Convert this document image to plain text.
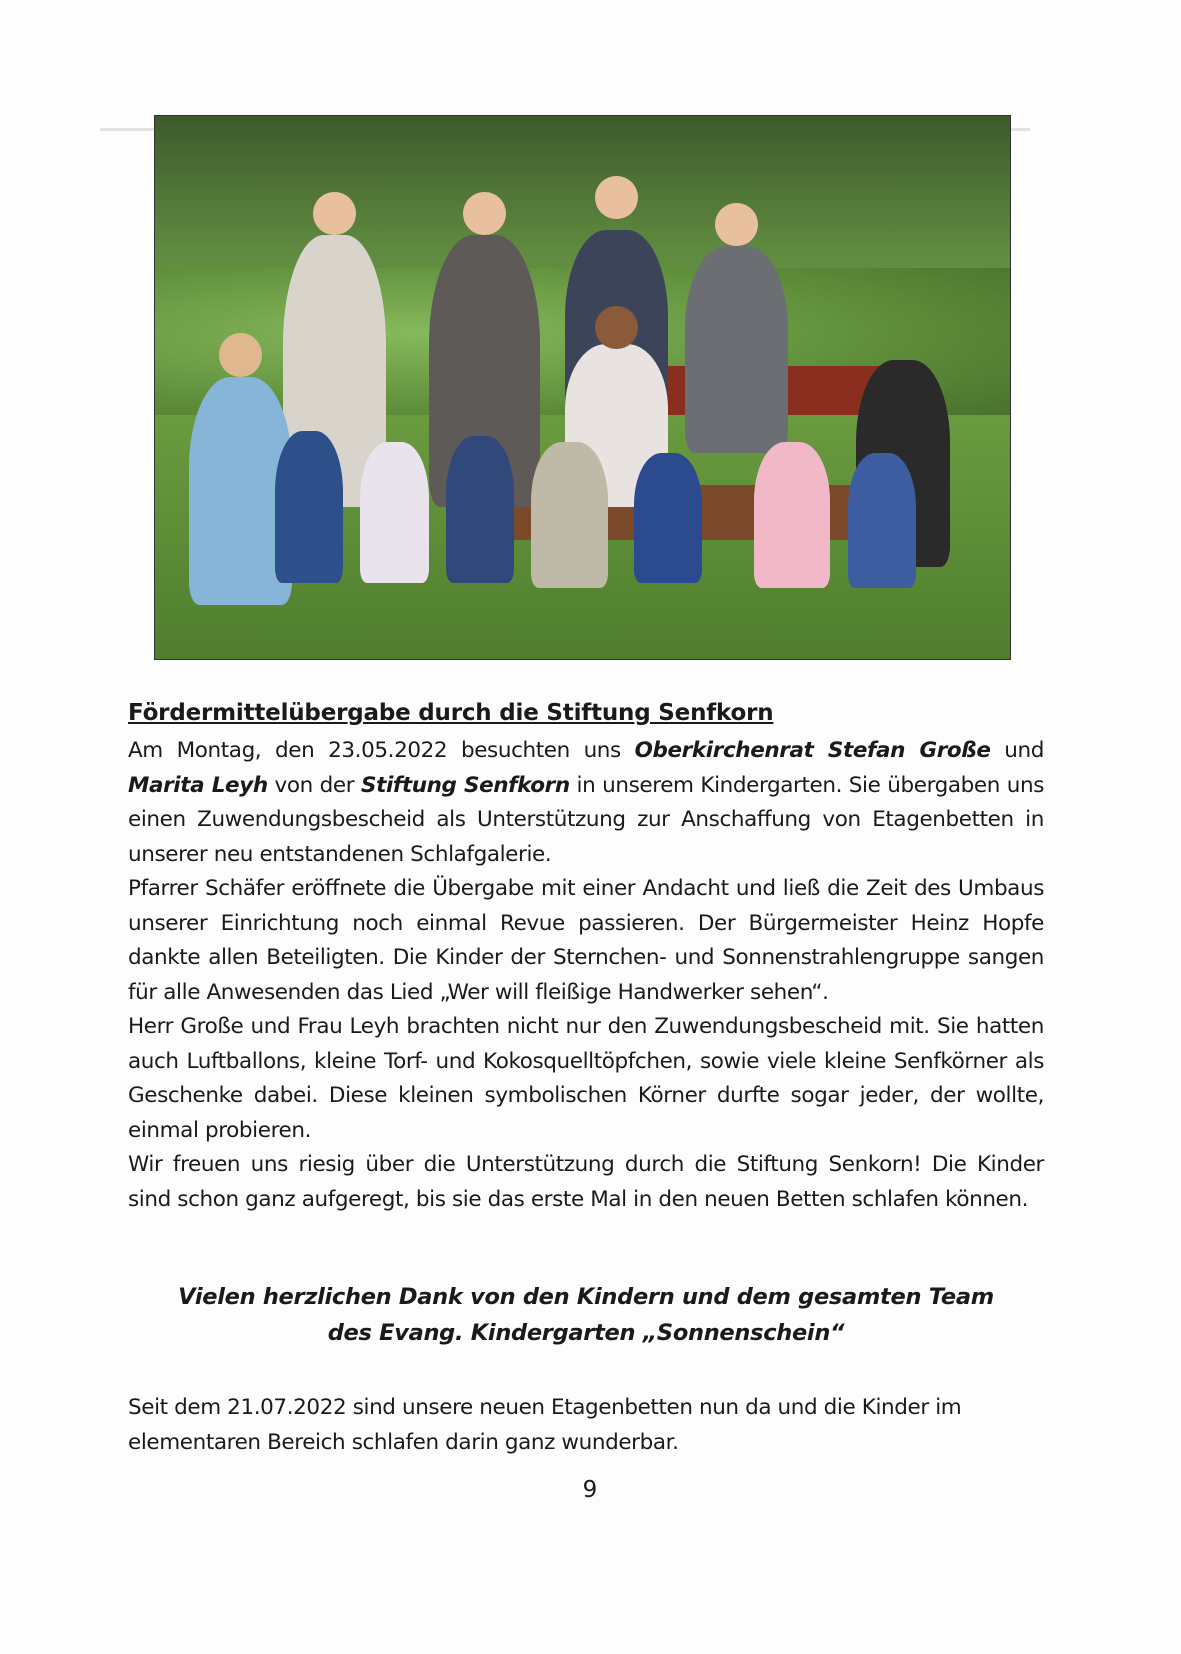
Fördermittelübergabe durch die Stiftung Senfkorn

Am Montag, den 23.05.2022 besuchten uns Oberkirchenrat Stefan Große und Marita Leyh von der Stiftung Senfkorn in unserem Kindergarten. Sie übergaben uns einen Zuwendungsbescheid als Unterstützung zur Anschaffung von Etagenbetten in unserer neu entstandenen Schlafgalerie.

Pfarrer Schäfer eröffnete die Übergabe mit einer Andacht und ließ die Zeit des Umbaus unserer Einrichtung noch einmal Revue passieren. Der Bürgermeister Heinz Hopfe dankte allen Beteiligten. Die Kinder der Sternchen- und Sonnenstrahlengruppe sangen für alle Anwesenden das Lied „Wer will fleißige Handwerker sehen“.

Herr Große und Frau Leyh brachten nicht nur den Zuwendungsbescheid mit. Sie hatten auch Luftballons, kleine Torf- und Kokosquelltöpfchen, sowie viele kleine Senfkörner als Geschenke dabei. Diese kleinen symbolischen Körner durfte sogar jeder, der wollte, einmal probieren.

Wir freuen uns riesig über die Unterstützung durch die Stiftung Senkorn! Die Kinder sind schon ganz aufgeregt, bis sie das erste Mal in den neuen Betten schlafen können.

Vielen herzlichen Dank von den Kindern und dem gesamten Team
des Evang. Kindergarten „Sonnenschein“

Seit dem 21.07.2022 sind unsere neuen Etagenbetten nun da und die Kinder im elementaren Bereich schlafen darin ganz wunderbar.

9
